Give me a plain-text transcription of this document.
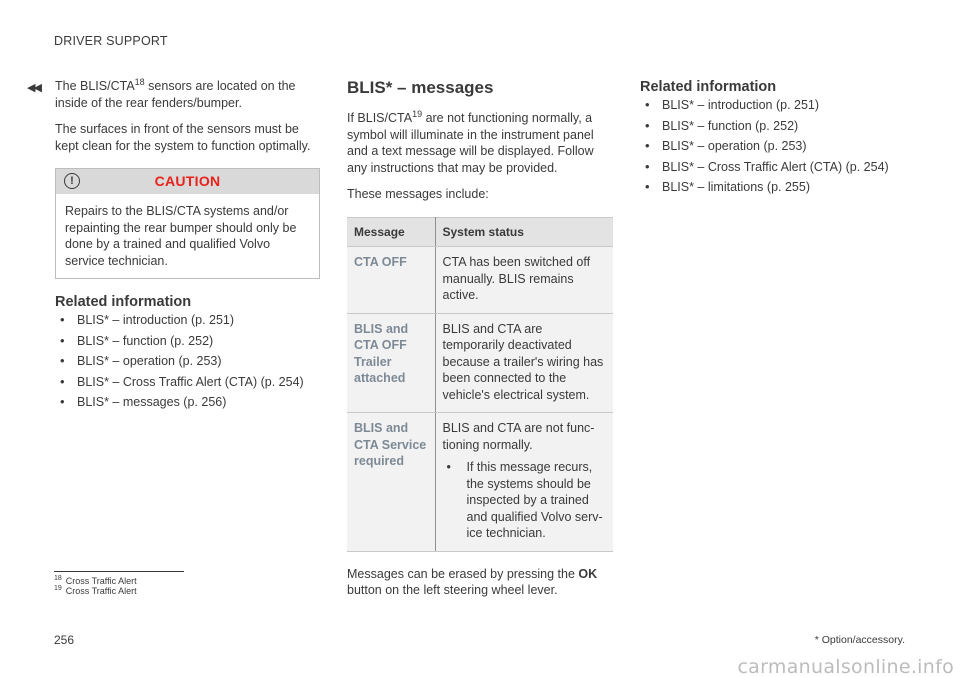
DRIVER SUPPORT
◀◀ The BLIS/CTA$^{18}$ sensors are located on the inside of the rear fenders/bumper.

The surfaces in front of the sensors must be kept clean for the system to function optimally.

!	CAUTION
Repairs to the BLIS/CTA systems and/or repainting the rear bumper should only be done by a trained and qualified Volvo service technician.
Related information
• BLIS* – introduction (p. 251)
• BLIS* – function (p. 252)
• BLIS* – operation (p. 253)
• BLIS* – Cross Traffic Alert (CTA) (p. 254)
• BLIS* – messages (p. 256)
BLIS* – messages

If BLIS/CTA$^{19}$ are not functioning normally, a symbol will illuminate in the instrument panel and a text message will be displayed. Follow any instructions that may be provided.

These messages include:

Message	System status
CTA OFF	CTA has been switched off manually. BLIS remains active.
BLIS and CTA OFF Trailer attached	BLIS and CTA are temporarily deactivated because a trailer's wiring has been connected to the vehicle's electrical system.
BLIS and CTA Service required	BLIS and CTA are not func-tioning normally.
• If this message recurs, the systems should be inspected by a trained and qualified Volvo serv-ice technician.

Messages can be erased by pressing the OK button on the left steering wheel lever.

Related information
• BLIS* – introduction (p. 251)
• BLIS* – function (p. 252)
• BLIS* – operation (p. 253)
• BLIS* – Cross Traffic Alert (CTA) (p. 254)
• BLIS* – limitations (p. 255)
$^{18}$ Cross Traffic Alert
$^{19}$ Cross Traffic Alert
256	* Option/accessory.
carmanualsonline.info
